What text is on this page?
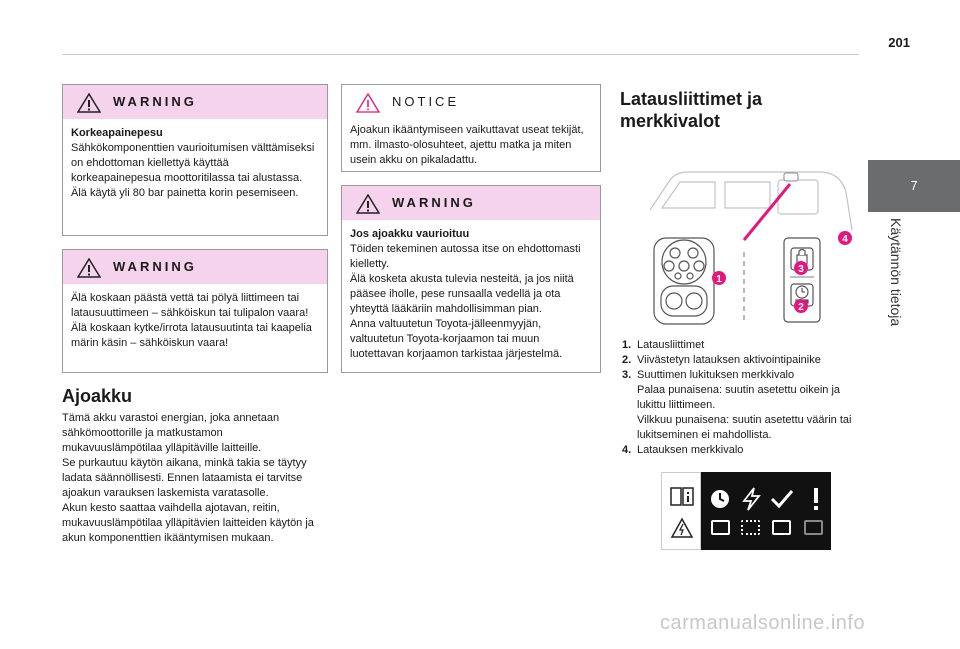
201
7
Käytännön tietoja
WARNING
Korkeapainepesu
Sähkökomponenttien vaurioitumisen välttämiseksi on ehdottoman kiellettyä käyttää korkeapainepesua moottoritilassa tai alustassa.
Älä käytä yli 80 bar painetta korin pesemiseen.
WARNING
Älä koskaan päästä vettä tai pölyä liittimeen tai latausuuttimeen – sähköiskun tai tulipalon vaara!
Älä koskaan kytke/irrota latausuutinta tai kaapelia märin käsin – sähköiskun vaara!
Ajoakku
Tämä akku varastoi energian, joka annetaan sähkömoottorille ja matkustamon mukavuuslämpötilaa ylläpitäville laitteille.
Se purkautuu käytön aikana, minkä takia se täytyy ladata säännöllisesti. Ennen lataamista ei tarvitse ajoakun varauksen laskemista varatasolle.
Akun kesto saattaa vaihdella ajotavan, reitin, mukavuuslämpötilaa ylläpitävien laitteiden käytön ja akun komponenttien ikääntymisen mukaan.
NOTICE
Ajoakun ikääntymiseen vaikuttavat useat tekijät, mm. ilmasto-olosuhteet, ajettu matka ja miten usein akku on pikaladattu.
WARNING
Jos ajoakku vaurioituu
Töiden tekeminen autossa itse on ehdottomasti kielletty.
Älä kosketa akusta tulevia nesteitä, ja jos niitä pääsee iholle, pese runsaalla vedellä ja ota yhteyttä lääkäriin mahdollisimman pian.
Anna valtuutetun Toyota-jälleenmyyjän, valtuutetun Toyota-korjaamon tai muun luotettavan korjaamon tarkistaa järjestelmä.
Latausliittimet ja
merkkivalot
1
2
3
4
1. Latausliittimet
2. Viivästetyn latauksen aktivointipainike
3. Suuttimen lukituksen merkkivalo
Palaa punaisena: suutin asetettu oikein ja lukittu liittimeen.
Vilkkuu punaisena: suutin asetettu väärin tai lukitseminen ei mahdollista.
4. Latauksen merkkivalo
carmanualsonline.info
